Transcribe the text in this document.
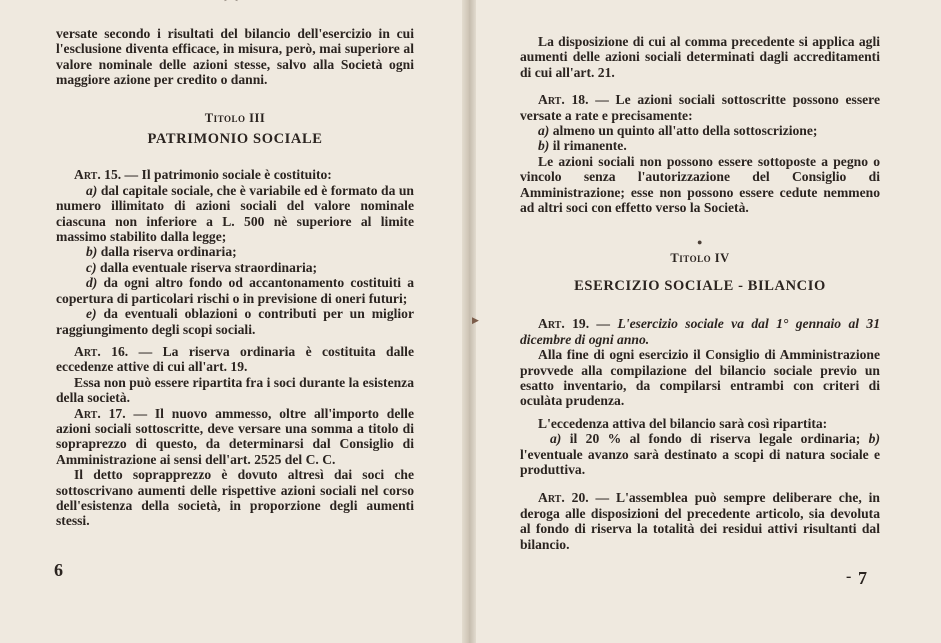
⌒
▶
●

versate secondo i risultati del bilancio dell'esercizio in cui l'esclusione diventa efficace, in misura, però, mai superiore al valore nominale delle azioni stesse, salvo alla Società ogni maggiore azione per credito o danni.

Titolo III

PATRIMONIO SOCIALE

Art. 15. — Il patrimonio sociale è costituito:

a) dal capitale sociale, che è variabile ed è formato da un numero illimitato di azioni sociali del valore nominale ciascuna non inferiore a L. 500 nè superiore al limite massimo stabilito dalla legge;

b) dalla riserva ordinaria;

c) dalla eventuale riserva straordinaria;

d) da ogni altro fondo od accantonamento costituiti a copertura di particolari rischi o in previsione di oneri futuri;

e) da eventuali oblazioni o contributi per un miglior raggiungimento degli scopi sociali.

Art. 16. — La riserva ordinaria è costituita dalle eccedenze attive di cui all'art. 19.

Essa non può essere ripartita fra i soci durante la esistenza della società.

Art. 17. — Il nuovo ammesso, oltre all'importo delle azioni sociali sottoscritte, deve versare una somma a titolo di sopraprezzo di questo, da determinarsi dal Consiglio di Amministrazione ai sensi dell'art. 2525 del C. C.

Il detto soprapprezzo è dovuto altresì dai soci che sottoscrivano aumenti delle rispettive azioni sociali nel corso dell'esistenza della società, in proporzione degli aumenti stessi.

La disposizione di cui al comma precedente si applica agli aumenti delle azioni sociali determinati dagli accreditamenti di cui all'art. 21.

Art. 18. — Le azioni sociali sottoscritte possono essere versate a rate e precisamente:

a) almeno un quinto all'atto della sottoscrizione;

b) il rimanente.

Le azioni sociali non possono essere sottoposte a pegno o vincolo senza l'autorizzazione del Consiglio di Amministrazione; esse non possono essere cedute nemmeno ad altri soci con effetto verso la Società.

Titolo IV

ESERCIZIO SOCIALE - BILANCIO

Art. 19. — L'esercizio sociale va dal 1° gennaio al 31 dicembre di ogni anno.

Alla fine di ogni esercizio il Consiglio di Amministrazione provvede alla compilazione del bilancio sociale previo un esatto inventario, da compilarsi entrambi con criteri di oculàta prudenza.

L'eccedenza attiva del bilancio sarà così ripartita:

a) il 20 % al fondo di riserva legale ordinaria; b) l'eventuale avanzo sarà destinato a scopi di natura sociale e produttiva.

Art. 20. — L'assemblea può sempre deliberare che, in deroga alle disposizioni del precedente articolo, sia devoluta al fondo di riserva la totalità dei residui attivi risultanti dal bilancio.

6	- 7
